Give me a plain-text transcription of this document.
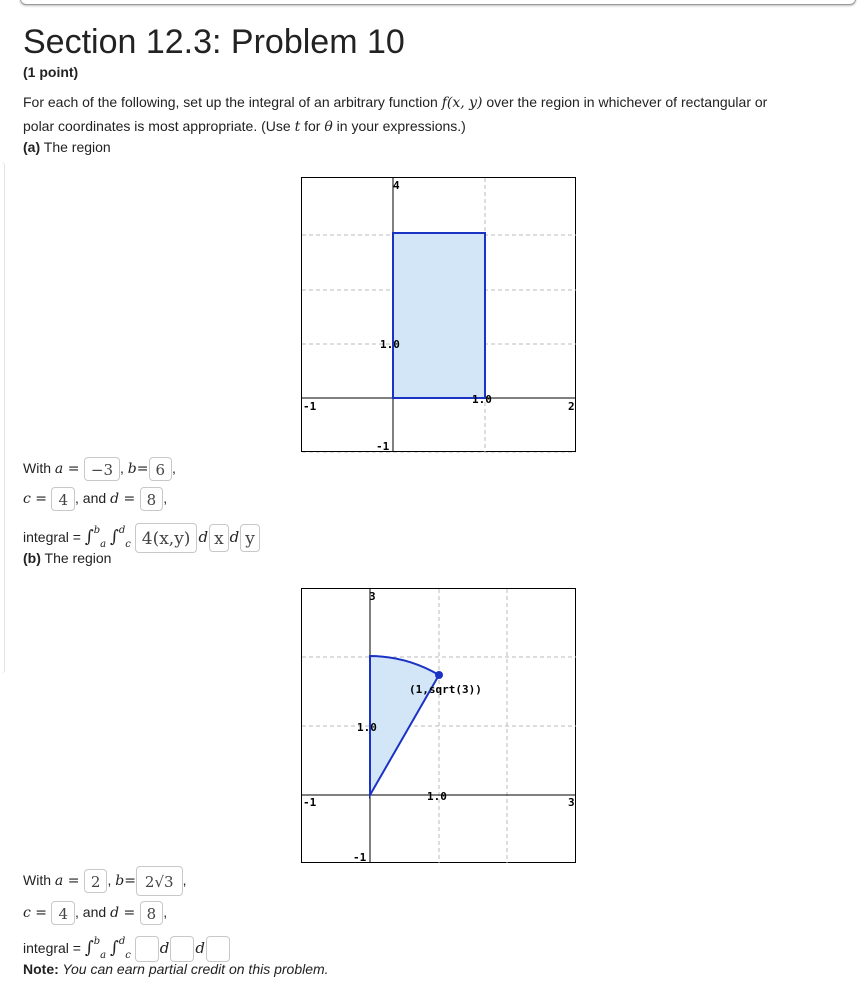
Section 12.3: Problem 10
(1 point)
For each of the following, set up the integral of an arbitrary function f(x, y) over the region in whichever of rectangular or
polar coordinates is most appropriate. (Use t for θ in your expressions.)
(a) The region
4
-1	2
-1
1.0
1.0
With a = −3 , b= 6 ,
c = 4 , and d = 8 ,
integral = ∫$^b_a$ ∫$^d_c$ 4(x,y) d x d y
(b) The region
3
-1	3
-1
1.0
1.0
(1,sqrt(3))
With a = 2 , b= 2√3 ,
c = 4 , and d = 8 ,
integral = ∫$^b_a$ ∫$^d_c$ d d
Note: You can earn partial credit on this problem.
